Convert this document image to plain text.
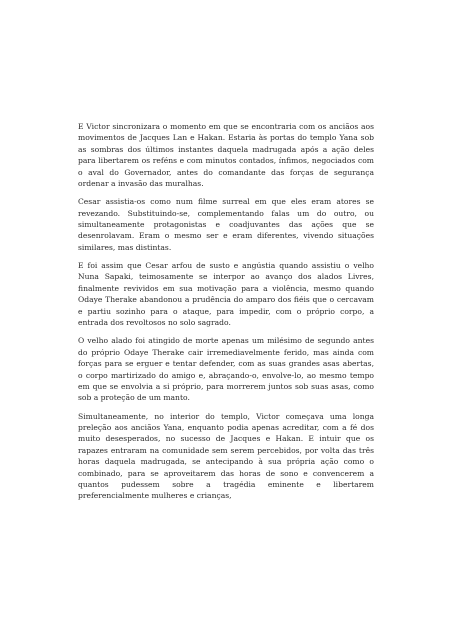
E Victor sincronizara o momento em que se encontraria com os anciãos aos movimentos de Jacques Lan e Hakan. Estaria às portas do templo Yana sob as sombras dos últimos instantes daquela madrugada após a ação deles para libertarem os reféns e com minutos contados, ínfimos, negociados com o aval do Governador, antes do comandante das forças de segurança ordenar a invasão das muralhas.

Cesar assistia-os como num filme surreal em que eles eram atores se revezando. Substituindo-se, complementando falas um do outro, ou simultaneamente protagonistas e coadjuvantes das ações que se desenrolavam. Eram o mesmo ser e eram diferentes, vivendo situações similares, mas distintas.

E foi assim que Cesar arfou de susto e angústia quando assistiu o velho Nuna Sapaki, teimosamente se interpor ao avanço dos alados Livres, finalmente revividos em sua motivação para a violência, mesmo quando Odaye Therake abandonou a prudência do amparo dos fiéis que o cercavam e partiu sozinho para o ataque, para impedir, com o próprio corpo, a entrada dos revoltosos no solo sagrado.

O velho alado foi atingido de morte apenas um milésimo de segundo antes do próprio Odaye Therake cair irremediavelmente ferido, mas ainda com forças para se erguer e tentar defender, com as suas grandes asas abertas, o corpo martirizado do amigo e, abraçando-o, envolve-lo, ao mesmo tempo em que se envolvia a si próprio, para morrerem juntos sob suas asas, como sob a proteção de um manto.

Simultaneamente, no interior do templo, Victor começava uma longa preleção aos anciãos Yana, enquanto podia apenas acreditar, com a fé dos muito desesperados, no sucesso de Jacques e Hakan. E intuir que os rapazes entraram na comunidade sem serem percebidos, por volta das três horas daquela madrugada, se antecipando à sua própria ação como o combinado, para se aproveitarem das horas de sono e convencerem a quantos pudessem sobre a tragédia eminente e libertarem preferencialmente mulheres e crianças,
